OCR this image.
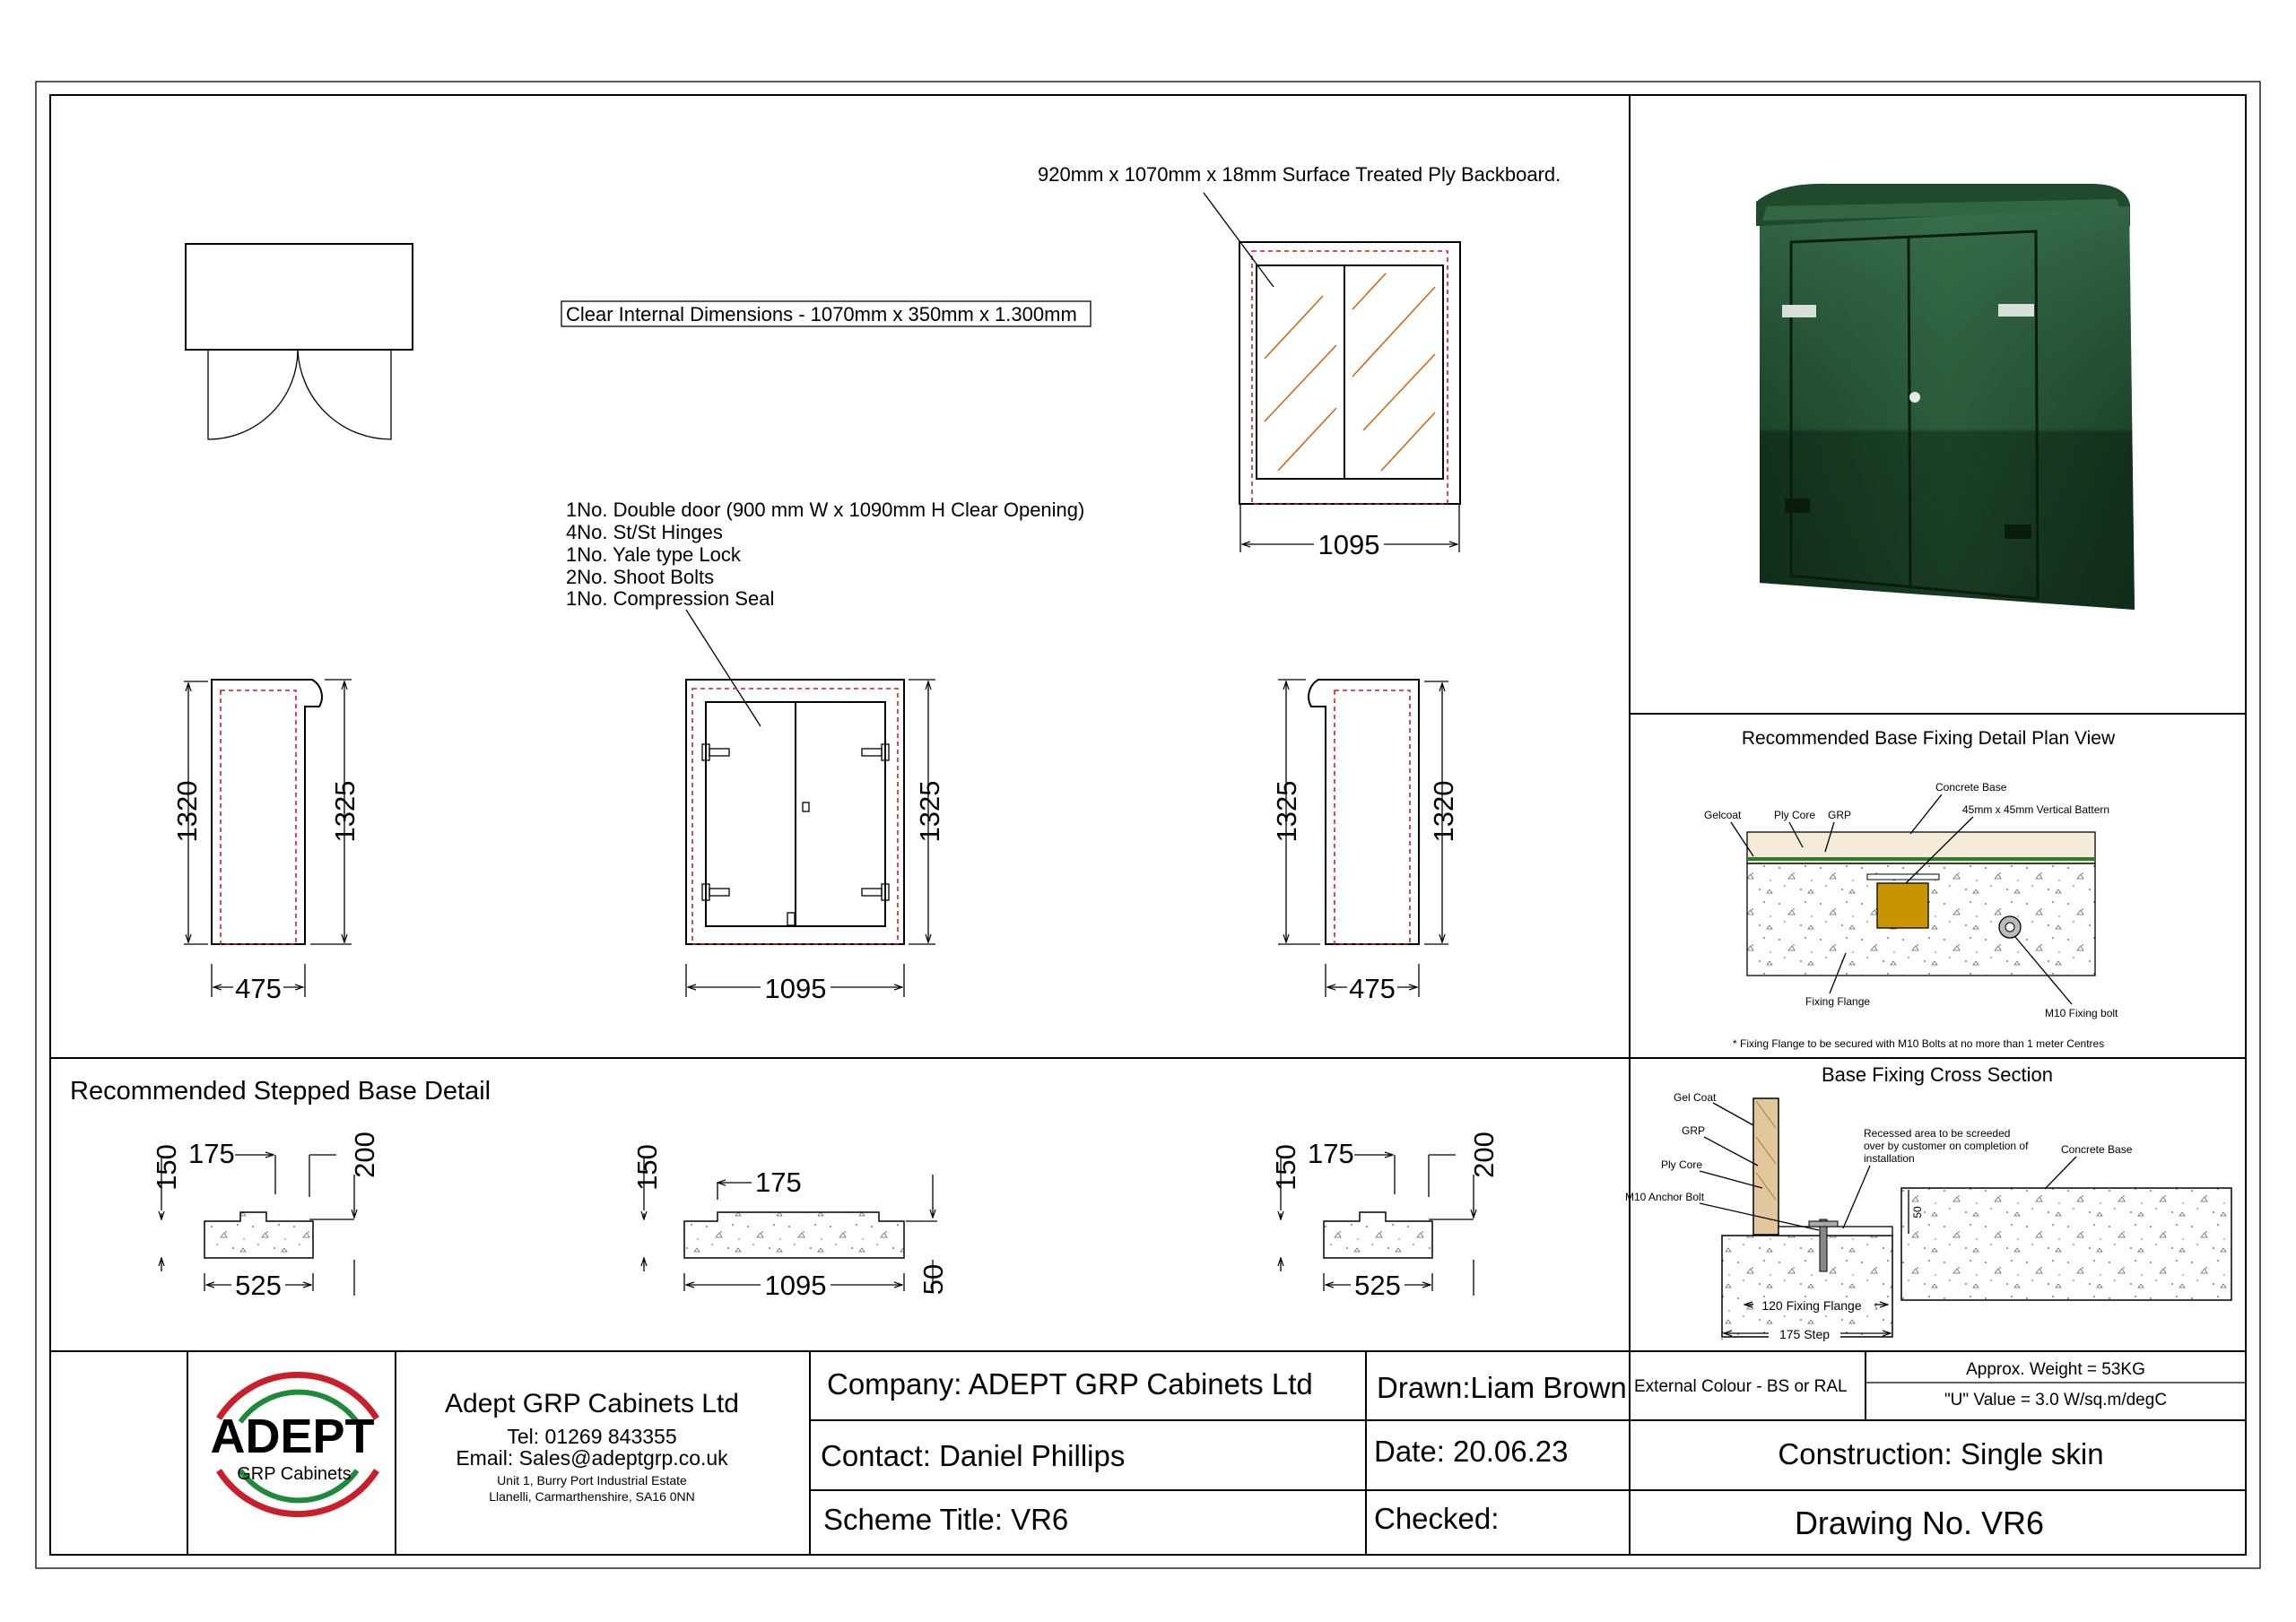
1095
920mm x 1070mm x 18mm Surface Treated Ply Backboard.
Clear Internal Dimensions - 1070mm x 350mm x 1.300mm
1No. Double door (900 mm W x 1090mm H Clear Opening)
4No. St/St Hinges
1No. Yale type Lock
2No. Shoot Bolts
1No. Compression Seal
1320	1325
475
1325
1095
1325	1320
475
Recommended Base Fixing Detail Plan View
Concrete Base
Gelcoat	Ply Core GRP	45mm x 45mm Vertical Battern
Fixing Flange
M10 Fixing bolt
* Fixing Flange to be secured with M10 Bolts at no more than 1 meter Centres
Recommended Stepped Base Detail
150 175	200
525
150	175
50
1095
150 175	200
525
Base Fixing Cross Section
Gel Coat
GRP
Ply Core
M10 Anchor Bolt
Recessed area to be screeded
over by customer on completion of
installation
Concrete Base
50
120 Fixing Flange
175 Step
ADEPT
GRP Cabinets
Adept GRP Cabinets Ltd
Tel: 01269 843355
Email: Sales@adeptgrp.co.uk
Unit 1, Burry Port Industrial Estate
Llanelli, Carmarthenshire, SA16 0NN
Company: ADEPT GRP Cabinets Ltd
Contact: Daniel Phillips
Scheme Title: VR6
Drawn:Liam Brown
Date: 20.06.23
Checked:
External Colour - BS or RAL
Approx. Weight = 53KG
"U" Value = 3.0 W/sq.m/degC
Construction: Single skin
Drawing No. VR6
